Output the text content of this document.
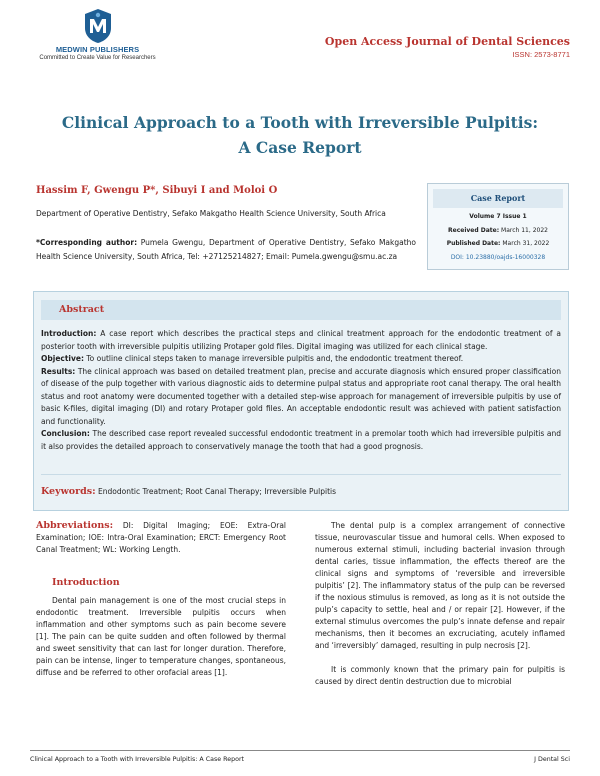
MEDWIN PUBLISHERS
Committed to Create Value for Researchers
Open Access Journal of Dental Sciences
ISSN: 2573-8771
Clinical Approach to a Tooth with Irreversible Pulpitis: A Case Report
Hassim F, Gwengu P*, Sibuyi I and Moloi O
Department of Operative Dentistry, Sefako Makgatho Health Science University, South Africa
*Corresponding author: Pumela Gwengu, Department of Operative Dentistry, Sefako Makgatho Health Science University, South Africa, Tel: +27125214827; Email: Pumela.gwengu@smu.ac.za
Case Report
Volume 7 Issue 1
Received Date: March 11, 2022
Published Date: March 31, 2022
DOI: 10.23880/oajds-16000328
Abstract

Introduction: A case report which describes the practical steps and clinical treatment approach for the endodontic treatment of a posterior tooth with irreversible pulpitis utilizing Protaper gold files. Digital imaging was utilized for each clinical stage.

Objective: To outline clinical steps taken to manage irreversible pulpitis and, the endodontic treatment thereof.

Results: The clinical approach was based on detailed treatment plan, precise and accurate diagnosis which ensured proper classification of disease of the pulp together with various diagnostic aids to determine pulpal status and appropriate root canal therapy. The oral health status and root anatomy were documented together with a detailed step-wise approach for management of irreversible pulpitis by use of basic K-files, digital imaging (DI) and rotary Protaper gold files. An acceptable endodontic result was achieved with patient satisfaction and functionality.

Conclusion: The described case report revealed successful endodontic treatment in a premolar tooth which had irreversible pulpitis and it also provides the detailed approach to conservatively manage the tooth that had a good prognosis.

Keywords: Endodontic Treatment; Root Canal Therapy; Irreversible Pulpitis

Abbreviations: DI: Digital Imaging; EOE: Extra-Oral Examination; IOE: Intra-Oral Examination; ERCT: Emergency Root Canal Treatment; WL: Working Length.

Introduction

Dental pain management is one of the most crucial steps in endodontic treatment. Irreversible pulpitis occurs when inflammation and other symptoms such as pain become severe [1]. The pain can be quite sudden and often followed by thermal and sweet sensitivity that can last for longer duration. Therefore, pain can be intense, linger to temperature changes, spontaneous, diffuse and be referred to other orofacial areas [1].

The dental pulp is a complex arrangement of connective tissue, neurovascular tissue and humoral cells. When exposed to numerous external stimuli, including bacterial invasion through dental caries, tissue inflammation, the effects thereof are the clinical signs and symptoms of ‘reversible and irreversible pulpitis’ [2]. The inflammatory status of the pulp can be reversed if the noxious stimulus is removed, as long as it is not outside the pulp’s capacity to settle, heal and / or repair [2]. However, if the external stimulus overcomes the pulp’s innate defense and repair mechanisms, then it becomes an excruciating, acutely inflamed and ‘irreversibly’ damaged, resulting in pulp necrosis [2].

It is commonly known that the primary pain for pulpitis is caused by direct dentin destruction due to microbial

Clinical Approach to a Tooth with Irreversible Pulpitis: A Case Report	J Dental Sci
